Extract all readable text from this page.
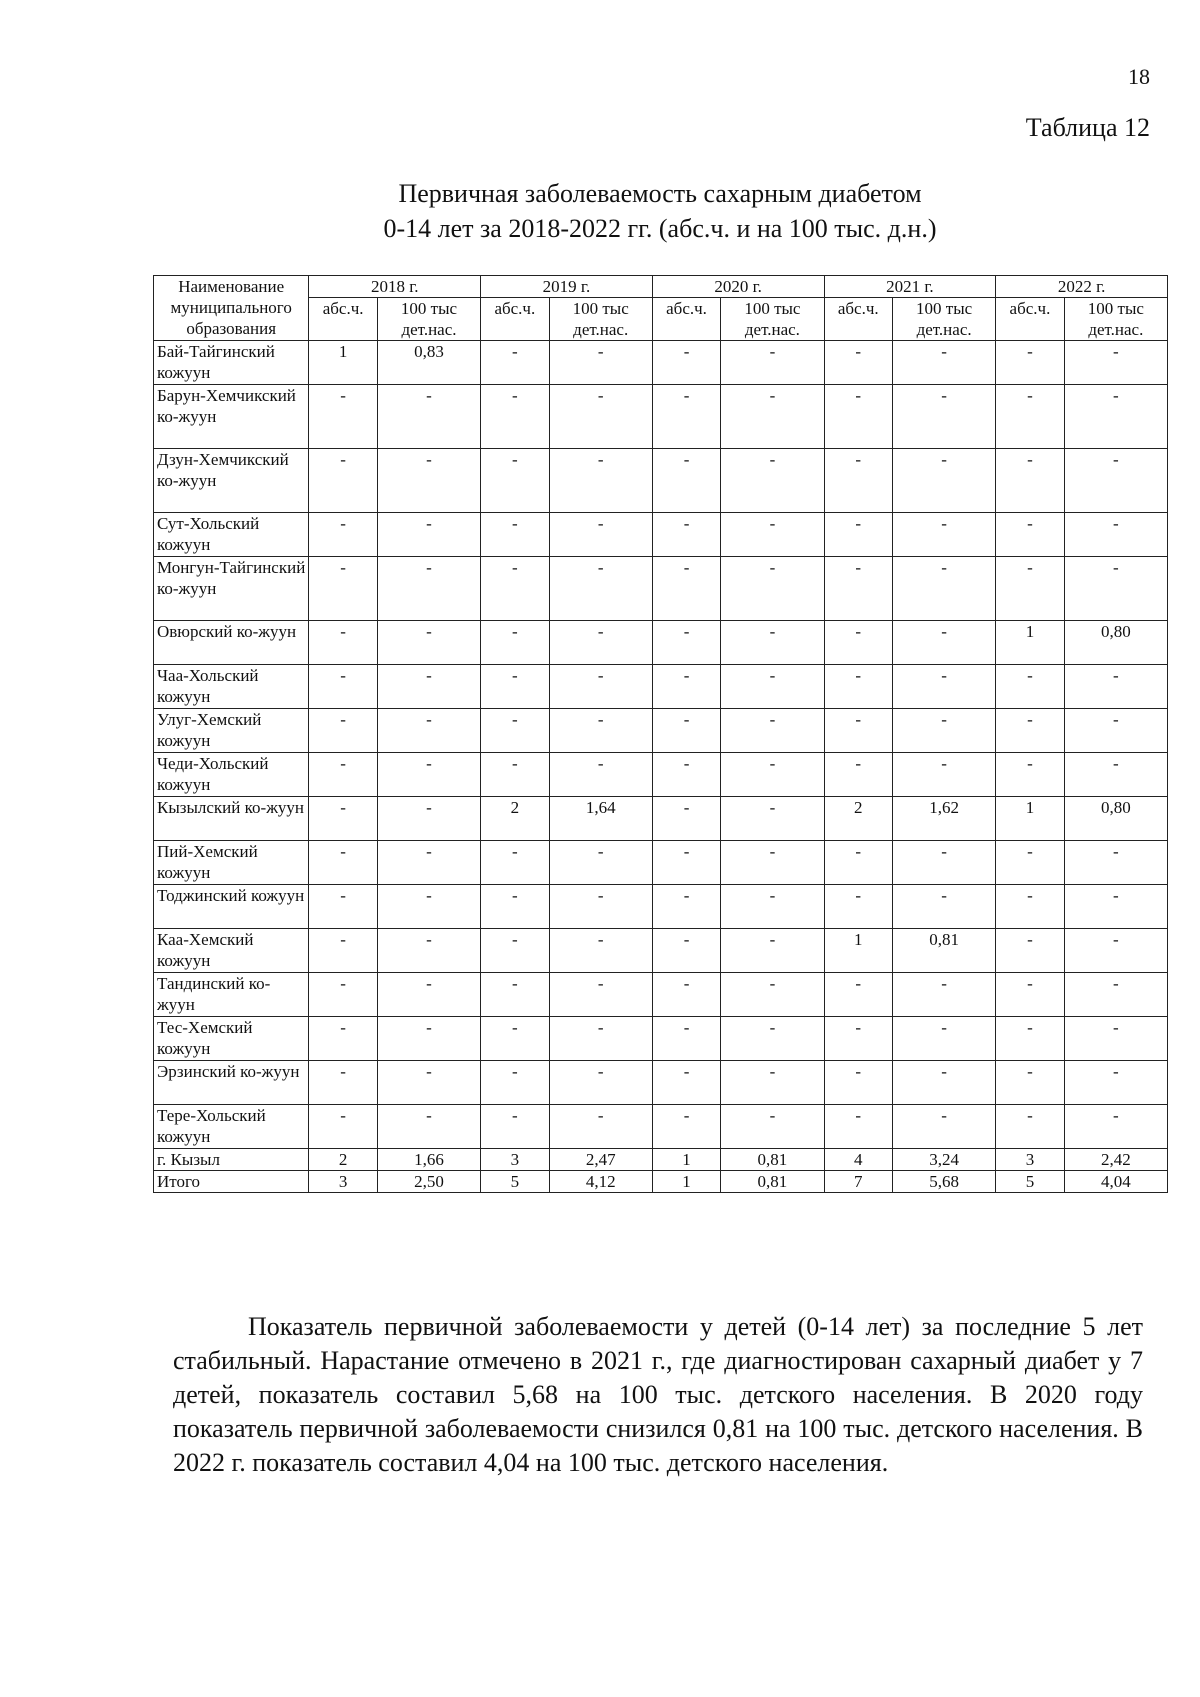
18
Таблица 12
Первичная заболеваемость сахарным диабетом
0-14 лет за 2018-2022 гг. (абс.ч. и на 100 тыс. д.н.)
Наименование муниципального образования	2018 г.		2019 г.		2020 г.		2021 г.		2022 г.	
	абс.ч.	100 тыс дет.нас.	абс.ч.	100 тыс дет.нас.	абс.ч.	100 тыс дет.нас.	абс.ч.	100 тыс дет.нас.	абс.ч.	100 тыс дет.нас.
Бай-Тайгинский кожуун	1	0,83	-	-	-	-	-	-	-	-
Барун-Хемчикский ко-жуун	-	-	-	-	-	-	-	-	-	-
Дзун-Хемчикский ко-жуун	-	-	-	-	-	-	-	-	-	-
Сут-Хольский кожуун	-	-	-	-	-	-	-	-	-	-
Монгун-Тайгинский ко-жуун	-	-	-	-	-	-	-	-	-	-
Овюрский ко-жуун	-	-	-	-	-	-	-	-	1	0,80
Чаа-Хольский кожуун	-	-	-	-	-	-	-	-	-	-
Улуг-Хемский кожуун	-	-	-	-	-	-	-	-	-	-
Чеди-Хольский кожуун	-	-	-	-	-	-	-	-	-	-
Кызылский ко-жуун	-	-	2	1,64	-	-	2	1,62	1	0,80
Пий-Хемский кожуун	-	-	-	-	-	-	-	-	-	-
Тоджинский кожуун	-	-	-	-	-	-	-	-	-	-
Каа-Хемский кожуун	-	-	-	-	-	-	1	0,81	-	-
Тандинский ко-жуун	-	-	-	-	-	-	-	-	-	-
Тес-Хемский кожуун	-	-	-	-	-	-	-	-	-	-
Эрзинский ко-жуун	-	-	-	-	-	-	-	-	-	-
Тере-Хольский кожуун	-	-	-	-	-	-	-	-	-	-
г. Кызыл	2	1,66	3	2,47	1	0,81	4	3,24	3	2,42
Итого	3	2,50	5	4,12	1	0,81	7	5,68	5	4,04
Показатель первичной заболеваемости у детей (0-14 лет) за последние 5 лет стабильный. Нарастание отмечено в 2021 г., где диагностирован сахарный диабет у 7 детей, показатель составил 5,68 на 100 тыс. детского населения. В 2020 году показатель первичной заболеваемости снизился 0,81 на 100 тыс. детского населения. В 2022 г. показатель составил 4,04 на 100 тыс. детского населения.
